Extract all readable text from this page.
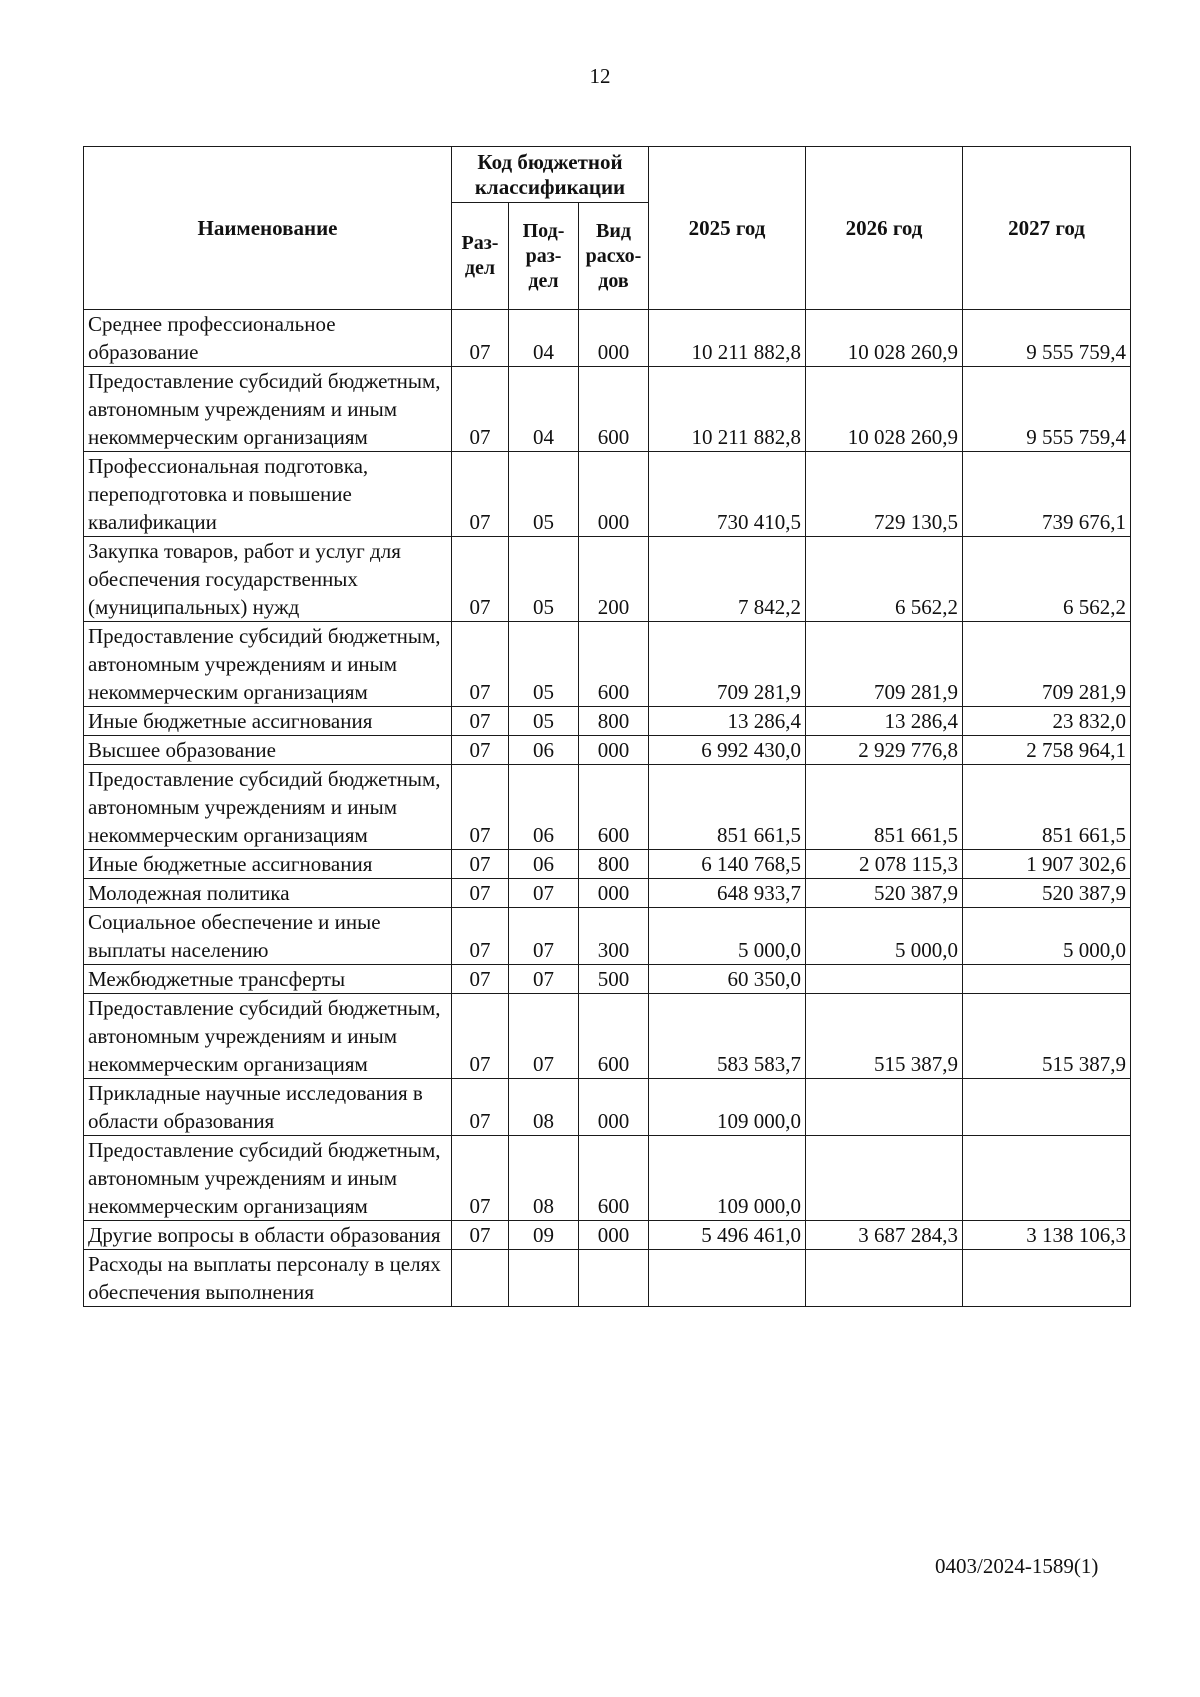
12
Наименование	Код бюджетной классификации			2025 год	2026 год	2027 год
	Раз-дел	Под-раз-дел	Вид расхо-дов			
Среднее профессиональное образование	07	04	000	10 211 882,8	10 028 260,9	9 555 759,4
Предоставление субсидий бюджетным, автономным учреждениям и иным некоммерческим организациям	07	04	600	10 211 882,8	10 028 260,9	9 555 759,4
Профессиональная подготовка, переподготовка и повышение квалификации	07	05	000	730 410,5	729 130,5	739 676,1
Закупка товаров, работ и услуг для обеспечения государственных (муниципальных) нужд	07	05	200	7 842,2	6 562,2	6 562,2
Предоставление субсидий бюджетным, автономным учреждениям и иным некоммерческим организациям	07	05	600	709 281,9	709 281,9	709 281,9
Иные бюджетные ассигнования	07	05	800	13 286,4	13 286,4	23 832,0
Высшее образование	07	06	000	6 992 430,0	2 929 776,8	2 758 964,1
Предоставление субсидий бюджетным, автономным учреждениям и иным некоммерческим организациям	07	06	600	851 661,5	851 661,5	851 661,5
Иные бюджетные ассигнования	07	06	800	6 140 768,5	2 078 115,3	1 907 302,6
Молодежная политика	07	07	000	648 933,7	520 387,9	520 387,9
Социальное обеспечение и иные выплаты населению	07	07	300	5 000,0	5 000,0	5 000,0
Межбюджетные трансферты	07	07	500	60 350,0		
Предоставление субсидий бюджетным, автономным учреждениям и иным некоммерческим организациям	07	07	600	583 583,7	515 387,9	515 387,9
Прикладные научные исследования в области образования	07	08	000	109 000,0		
Предоставление субсидий бюджетным, автономным учреждениям и иным некоммерческим организациям	07	08	600	109 000,0		
Другие вопросы в области образования	07	09	000	5 496 461,0	3 687 284,3	3 138 106,3
Расходы на выплаты персоналу в целях обеспечения выполнения						
0403/2024-1589(1)
